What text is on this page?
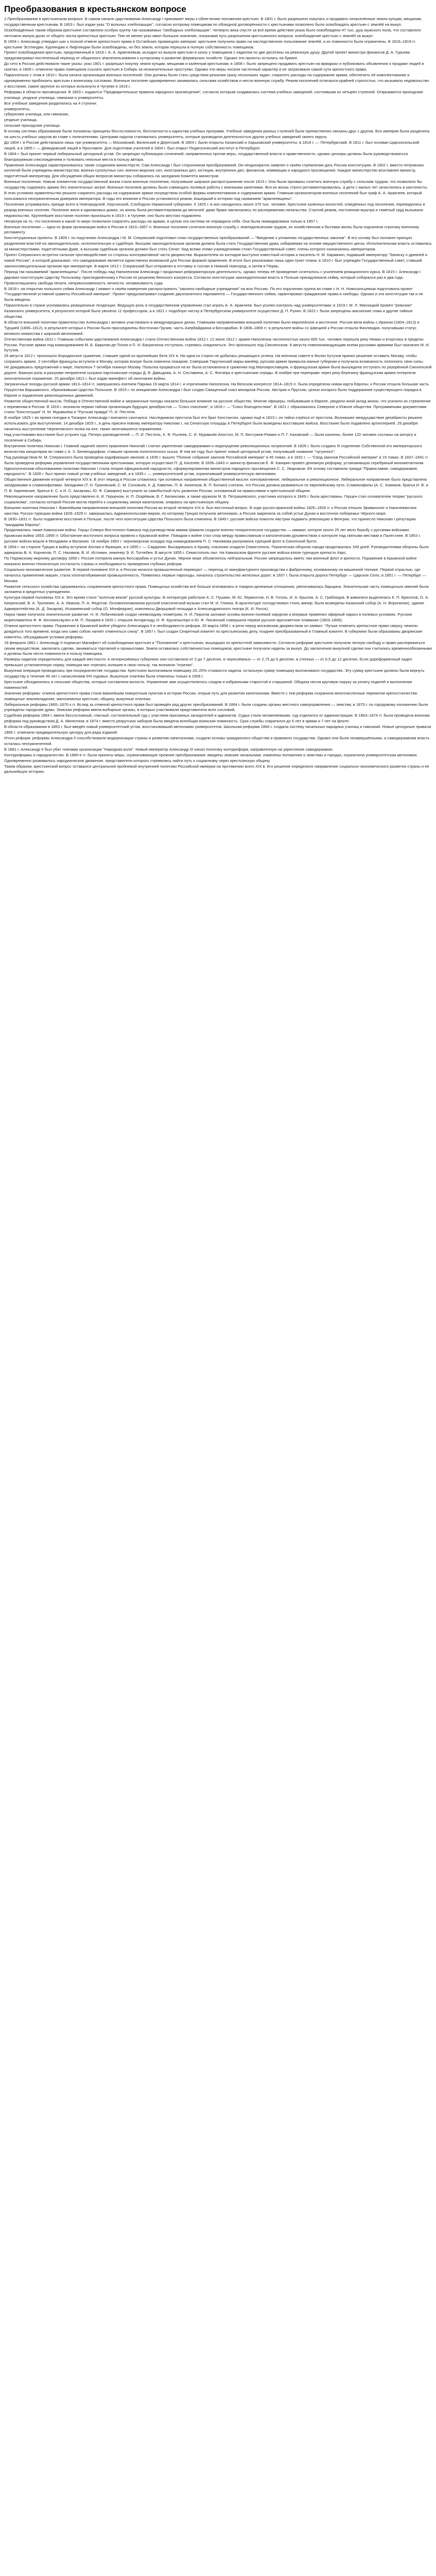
Преобразования в крестьянском вопросе

2.Преобразования в крестьянском вопросе. В самом начале царствования Александр I принимает меры к облегчению положения крестьян. В 1801 г. было разрешено покупать и продавать незаселённые земли купцам, мещанам, государственным крестьянам. В 1803 г. был издан указ "О вольных хлебопашцах", согласно которому помещикам по обоюдной договорённости с крестьянами позволено было освобождать крестьян с землёй на выкуп. Освобождённые таким образом крестьяне составляли особую группу так называемых "свободных хлебопашцев". Четверть века спустя за всё время действия указа было освобождено 47 тыс. душ мужского пола, что составляло ничтожно малую долю от общего числа крепостных крестьян. Тем не менее указ имел большое значение, показывая путь разрешения крестьянского вопроса: освобождение крестьян с землёй за выкуп.

В 1804 г. Александр утвердил шаг к полной отмене крепостного права в Остзейских провинциях империи: крестьяне получили право на наследственное пользование землёй, а их повинности были ограничены. В 1816–1819 гг. крестьяне Эстляндии, Курляндии и Лифляндии были освобождены, но без земли, которая перешла в полную собственность помещиков.

Проект освобождения крестьян, предложенный в 1818 г. А. А. Аракчеевым, исходил из выкупа крестьян в казну у помещиков с наделом по две десятины на ревизскую душу. Другой проект министра финансов Д. А. Гурьева предусматривал постепенный переход от общинного землепользования к хуторскому и развитие фермерских хозяйств. Однако эти проекты остались на бумаге.

До сего в России действовали такие указы: указ 1801 г. разрешал покупку земли купцам, мещанам и казённым крестьянам; в 1808 г. было запрещено продавать крестьян на ярмарках и публиковать объявления о продаже людей в газетах; в 1809 г. отменено право помещиков ссылать крестьян в Сибирь за незначительные проступки. Однако эти меры носили частичный характер и не затрагивали самой сути крепостного права.

Параллельно с этим в 1810 г. была начата организация военных поселений. Они должны были стать средством решения сразу нескольких задач: сократить расходы на содержание армии, обеспечить её комплектование и одновременно приблизить крестьян к воинскому сословию. Военные поселяне одновременно занимались сельским хозяйством и несли военную службу. Режим поселений отличался крайней строгостью, что вызывало недовольство и восстания, самое крупное из которых вспыхнуло в Чугуеве в 1819 г.

Реформы в области просвещения. В 1803 г. издаются "Предварительные правила народного просвещения", согласно которым создавалась система учебных заведений, состоявшая из четырёх ступеней. Открываются приходские училища, уездные училища, гимназии и университеты.

Все учебные заведения разделялись на 4 ступени:

университеты,

губернские училища, или гимназии,

уездные училища,

сельские приходские училища.

В основу системы образования были положены принципы бессословности, бесплатности и единства учебных программ. Учебные заведения разных ступеней были преемственно связаны друг с другом. Вся империя была разделена на шесть учебных округов во главе с попечителями. Центрами округов становились университеты, которые руководили деятельностью других учебных заведений своего округа.

До 1804 г. в России действовали лишь три университета — Московский, Виленский и Дерптский. В 1804 г. были открыты Казанский и Харьковский университеты, в 1819 г. — Петербургский. В 1811 г. был основан Царскосельский лицей, а в 1805 г. — Демидовский лицей в Ярославле. Для подготовки учителей в 1804 г. был открыт Педагогический институт в Петербурге.

В 1804 г. был принят первый либеральный цензурный устав. Он запрещал публикацию сочинений, направленных против веры, государственной власти и нравственности, однако цензоры должны были руководствоваться благоразумным снисхождением и толковать неясные места в пользу автора.

Правление Александра характеризовалось также созданием министерств. Сам Александр I был сторонником преобразований. Он неоднократно заявлял о своём стремлении дать России конституцию. В 1802 г. вместо петровских коллегий были учреждены министерства: военно-сухопутных сил, военно-морских сил, иностранных дел, юстиции, внутренних дел, финансов, коммерции и народного просвещения. Каждое министерство возглавлял министр, подотчётный императору. Для обсуждения общих вопросов министры собирались на заседания Комитета министров.

Военные поселения. Новым элементом государственной жизни стали военные поселения, получившие широкое распространение после 1815 г. Они были призваны сочетать военную службу с сельским трудом, что позволяло бы государству содержать армию без значительных затрат. Военные поселяне должны были совмещать полевые работы с военными занятиями. Вся их жизнь строго регламентировалась, а дети с малых лет зачислялись в кантонисты.

В этих условиях правительство решило сократить расходы на содержание армии посредством особой формы комплектования и содержания армии. Главным организатором военных поселений был граф А. А. Аракчеев, который пользовался неограниченным доверием императора. В годы его влияния в России установился режим, вошедший в историю под названием "аракчеевщины".

Поселения устраивались прежде всего в Новгородской, Херсонской, Слободско-Украинской губерниях. К 1825 г. в них находилось около 375 тыс. человек. Крестьяне казённых волостей, отведённых под поселения, переводились в разряд военных поселян. Поселяне жили в одинаковых домах, их жизнь была регламентирована до мелочей: даже браки заключались по распоряжению начальства. Строгий режим, постоянная муштра и тяжёлый труд вызывали недовольство. Крупнейшее восстание поселян произошло в 1819 г. в Чугуеве; оно было жестоко подавлено.

Несмотря на то, что поселения в какой-то мере позволили сократить расходы на армию, в целом эта система не оправдала себя. Она была ликвидирована только в 1857 г.

Военные поселения — одна из форм организации войск в России в 1810–1857 гг. Военные поселяне сочетали военную службу с земледельческим трудом, их хозяйственная и бытовая жизнь была подчинена строгому военному регламенту.

Конституционные проекты. В 1809 г. по поручению Александра I М. М. Сперанский подготовил план государственных преобразований — "Введение к уложению государственных законов". В его основу был положен принцип разделения властей на законодательную, исполнительную и судебную. Высшим законодательным органом должна была стать Государственная дума, избираемая на основе имущественного ценза. Исполнительная власть оставалась за министерствами, подотчётными Думе, а высшим судебным органом должен был стать Сенат. Над всеми этими учреждениями стоял Государственный совет, члены которого назначались императором.

Проект Сперанского встретил сильное противодействие со стороны консервативной части дворянства. Выразителем их взглядов выступил известный историк и писатель Н. М. Карамзин, подавший императору "Записку о древней и новой России", в которой доказывал, что самодержавие является единственно возможной для России формой правления. В итоге был реализован лишь один пункт плана: в 1810 г. был учреждён Государственный совет, ставший законосовещательным органом при императоре. В марте 1812 г. Сперанский был отправлен в отставку и сослан в Нижний Новгород, а затем в Пермь.

Период так называемой "аракчеевщины". После победы над Наполеоном Александр I продолжил реформаторскую деятельность, однако теперь её проведение сочеталось с усилением реакционного курса. В 1815 г. Александр I даровал конституцию Царству Польскому, присоединённому к России по решению Венского конгресса. Согласно конституции законодательная власть в Польше принадлежала сейму, который собирался раз в два года. Провозглашались свобода печати, неприкосновенность личности, независимость суда.

В 1818 г. на открытии польского сейма Александр I заявил о своём намерении распространить "законно-свободные учреждения" на всю Россию. По его поручению группа во главе с Н. Н. Новосильцевым подготовила проект "Государственной уставной грамоты Российской империи". Проект предусматривал создание двухпалатного парламента — Государственного сейма, гарантировал гражданские права и свободы. Однако и эта конституция так и не была введена.

Параллельно в стране усиливались реакционные тенденции. Ведущую роль в государственном управлении стал играть А. А. Аракчеев. Был усилен контроль над университетами: в 1819 г. М. Л. Магницкий провёл "ревизию" Казанского университета, в результате которой было уволено 11 профессоров, а в 1821 г. подобную чистку в Петербургском университете осуществил Д. П. Рунич. В 1822 г. были запрещены масонские ложи и другие тайные общества.

В области внешней политики правительство Александра I активно участвовало в международных делах. Главными направлениями внешней политики были европейское и восточное. Россия вела войны с Ираном (1804–1813) и Турцией (1806–1812), в результате которых к России были присоединены Восточная Грузия, часть Азербайджана и Бессарабия. В 1808–1809 гг. в результате войны со Швецией к России отошла Финляндия, получившая статус великого княжества с широкой автономией.

Отечественная война 1812 г. Главным событием царствования Александра I стала Отечественная война 1812 г. 12 июня 1812 г. армия Наполеона численностью около 600 тыс. человек перешла реку Неман и вторглась в пределы России. Русские армии под командованием М. Б. Барклая-де-Толли и П. И. Багратиона отступали, стремясь соединиться. Это произошло под Смоленском. 8 августа главнокомандующим всеми русскими армиями был назначен М. И. Кутузов.

26 августа 1812 г. произошло Бородинское сражение, ставшее одной из крупнейших битв XIX в. Ни одна из сторон не добилась решающего успеха. На военном совете в Филях Кутузов принял решение оставить Москву, чтобы сохранить армию. 2 сентября французы вступили в Москву, которая вскоре была охвачена пожаром. Совершив Тарутинский марш-манёвр, русская армия прикрыла южные губернии и получила возможность пополнить свои силы.

Не дождавшись предложений о мире, Наполеон 7 октября покинул Москву. Попытка прорваться на юг была остановлена в сражении под Малоярославцем, и французская армия была вынуждена отступать по разорённой Смоленской дороге. Важную роль в разгроме неприятеля сыграли партизанские отряды Д. В. Давыдова, А. Н. Сеславина, А. С. Фигнера и крестьянские отряды. В ноябре при переправе через реку Березину французская армия потерпела окончательное поражение. 25 декабря 1812 г. был издан манифест об окончании войны.

Заграничные походы русской армии 1813–1814 гг. завершились взятием Парижа 19 марта 1814 г. и отречением Наполеона. На Венском конгрессе 1814–1815 гг. была определена новая карта Европы; к России отошла большая часть Герцогства Варшавского, образовавшая Царство Польское. В 1815 г. по инициативе Александра I был создан Священный союз монархов России, Австрии и Пруссии, целью которого было поддержание существующего порядка в Европе и подавление революционных движений.

Развитие общественной мысли. Победа в Отечественной войне и заграничные походы оказали большое влияние на русское общество. Многие офицеры, побывавшие в Европе, увидели иной уклад жизни, что усилило их стремление к переменам в России. В 1816 г. возникла первая тайная организация будущих декабристов — "Союз спасения", в 1818 г. — "Союз благоденствия". В 1821 г. образовались Северное и Южное общества. Программными документами стали "Конституция" Н. М. Муравьёва и "Русская правда" П. И. Пестеля.

В ноябре 1825 г. во время поездки в Таганрог Александр I внезапно скончался. Наследником престола был его брат Константин, однако ещё в 1823 г. он тайно отрёкся от престола. Возникшее междуцарствие декабристы решили использовать для выступления. 14 декабря 1825 г., в день присяги новому императору Николаю I, на Сенатскую площадь в Петербурге были выведены восставшие войска. Восстание было подавлено артиллерией. 29 декабря началось выступление Черниговского полка на юге, также окончившееся поражением.

Над участниками восстания был устроен суд. Пятеро руководителей — П. И. Пестель, К. Ф. Рылеев, С. И. Муравьёв-Апостол, М. П. Бестужев-Рюмин и П. Г. Каховский — были казнены, более 120 человек сосланы на каторгу и поселение в Сибирь.

Внутренняя политика Николая I. Главной задачей своего правления Николай I считал укрепление самодержавия и недопущение революционных потрясений. В 1826 г. было создано III отделение Собственной его императорского величества канцелярии во главе с А. Х. Бенкендорфом, ставшее органом политического сыска. В том же году был принят новый цензурный устав, получивший название "чугунного".

Под руководством М. М. Сперанского была проведена кодификация законов: в 1830 г. вышло "Полное собрание законов Российской империи" в 45 томах, а в 1832 г. — "Свод законов Российской империи" в 15 томах. В 1837–1841 гг. была проведена реформа управления государственными крестьянами, которую осуществил П. Д. Киселёв. В 1839–1843 гг. министр финансов Е. Ф. Канкрин провёл денежную реформу, установившую серебряный монометаллизм.

Идеологическим обоснованием политики Николая I стала теория официальной народности, сформулированная министром народного просвещения С. С. Уваровым. Её основу составляла триада "Православие, самодержавие, народность". В 1828 г. был принят новый устав учебных заведений, а в 1835 г. — университетский устав, ограничивший университетскую автономию.

Общественное движение второй четверти XIX в. В этот период в России сложились три основных направления общественной мысли: консервативное, либеральное и революционное. Либеральное направление было представлено западниками и славянофилами. Западники (Т. Н. Грановский, С. М. Соловьёв, К. Д. Кавелин, П. В. Анненков, В. П. Боткин) считали, что Россия должна развиваться по европейскому пути. Славянофилы (А. С. Хомяков, братья И. В. и П. В. Киреевские, братья К. С. и И. С. Аксаковы, Ю. Ф. Самарин) выступали за самобытный путь развития России, основанный на православии и крестьянской общине.

Революционное направление было представлено А. И. Герценом, Н. П. Огарёвым, В. Г. Белинским, а также кружком М. В. Петрашевского, участники которого в 1849 г. были арестованы. Герцен стал основателем теории "русского социализма", согласно которой Россия могла перейти к социализму, минуя капитализм, опираясь на крестьянскую общину.

Внешняя политика Николая I. Важнейшим направлением внешней политики России во второй четверти XIX в. был восточный вопрос. В ходе русско-иранской войны 1826–1828 гг. к России отошли Эриванское и Нахичеванское ханства. Русско-турецкая война 1828–1829 гг. завершилась Адрианопольским миром, по которому Греция получила автономию, а Россия закрепила за собой устье Дуная и восточное побережье Чёрного моря.

В 1830–1831 гг. было подавлено восстание в Польше, после чего конституция Царства Польского была отменена. В 1849 г. русские войска помогли Австрии подавить революцию в Венгрии, что принесло Николаю I репутацию "жандарма Европы".

Продолжалась также Кавказская война. Горцы Северо-Восточного Кавказа под руководством имама Шамиля создали военно-теократическое государство — имамат, которое около 25 лет вело борьбу с русскими войсками.

Крымская война 1853–1856 гг. Обострение восточного вопроса привело к Крымской войне. Поводом к войне стал спор между православным и католическим духовенством о контроле над святыми местами в Палестине. В 1853 г. русские войска вошли в Молдавию и Валахию. 18 ноября 1853 г. черноморская эскадра под командованием П. С. Нахимова разгромила турецкий флот в Синопской бухте.

В 1854 г. на стороне Турции в войну вступили Англия и Франция, а в 1855 г. — Сардиния. Высадившись в Крыму, союзники осадили Севастополь. Героическая оборона города продолжалась 349 дней. Руководителями обороны были адмиралы В. А. Корнилов, П. С. Нахимов, В. И. Истомин, инженер Э. И. Тотлебен. В августе 1855 г. Севастополь пал. На Кавказском фронте русские войска взяли турецкую крепость Карс.

По Парижскому мирному договору 1856 г. Россия потеряла южную Бессарабию и устье Дуная, Чёрное море объявлялось нейтральным: России запрещалось иметь там военный флот и крепости. Поражение в Крымской войне показало военно-техническую отсталость страны и необходимость проведения глубоких реформ.

Социально-экономическое развитие. В первой половине XIX в. в России начался промышленный переворот — переход от мануфактурного производства к фабричному, основанному на машинной технике. Первой отраслью, где началось применение машин, стала хлопчатобумажная промышленность. Появились первые пароходы, началось строительство железных дорог: в 1837 г. была открыта дорога Петербург — Царское Село, в 1851 г. — Петербург — Москва.

Развитие сельского хозяйства сдерживалось сохранением крепостного права. Помещичьи хозяйства всё больше втягивались в товарно-денежные отношения, увеличивалась барщина. Значительная часть помещичьих имений была заложена в кредитных учреждениях.

Культура первой половины XIX в. Это время стало "золотым веком" русской культуры. В литературе работали А. С. Пушкин, М. Ю. Лермонтов, Н. В. Гоголь, И. А. Крылов, А. С. Грибоедов. В живописи выделялись К. П. Брюллов, О. А. Кипренский, В. А. Тропинин, А. А. Иванов, П. А. Федотов. Основоположником русской классической музыки стал М. И. Глинка. В архитектуре господствовал стиль ампир; были возведены Казанский собор (А. Н. Воронихин), здание Адмиралтейства (А. Д. Захаров), Исаакиевский собор (О. Монферран), комплексы Дворцовой площади и Александринского театра (К. И. Росси).

Наука также получила значительное развитие. Н. И. Лобачевский создал неевклидову геометрию, Н. И. Пирогов заложил основы военно-полевой хирургии и впервые применил эфирный наркоз в полевых условиях. Русские мореплаватели Ф. Ф. Беллинсгаузен и М. П. Лазарев в 1820 г. открыли Антарктиду, И. Ф. Крузенштерн и Ю. Ф. Лисянский совершили первое русское кругосветное плавание (1803–1806).

Отмена крепостного права. Поражение в Крымской войне убедило Александра II в необходимости реформ. 30 марта 1856 г. в речи перед московским дворянством он заявил: "Лучше отменить крепостное право сверху, нежели дождаться того времени, когда оно само собою начнёт отменяться снизу". В 1857 г. был создан Секретный комитет по крестьянскому делу, позднее преобразованный в Главный комитет. В губерниях были образованы дворянские комитеты, обсуждавшие условия реформы.

19 февраля 1861 г. Александр II подписал Манифест об освобождении крестьян и "Положения" о крестьянах, вышедших из крепостной зависимости. Согласно реформе крестьяне получали личную свободу и право распоряжаться своим имуществом, заключать сделки, заниматься торговлей и промыслами. Земля оставалась собственностью помещиков; крестьяне получали наделы за выкуп. До заключения выкупной сделки они считались временнообязанными и должны были нести повинности в пользу помещика.

Размеры наделов определялись для каждой местности: в нечернозёмных губерниях они составляли от 3 до 7 десятин, в чернозёмных — от 2,75 до 6 десятин, в степных — от 6,5 до 12 десятин. Если дореформенный надел превышал установленную норму, помещик мог отрезать излишек в свою пользу; так возникли "отрезки".

Выкупная операция проводилась при посредничестве государства. Крестьяне выплачивали помещику 20–25% стоимости надела, остальную сумму помещику выплачивало государство. Эту сумму крестьяне должны были вернуть государству в течение 49 лет с начислением 6% годовых. Выкупные платежи были отменены только в 1906 г.

Крестьяне объединялись в сельские общества, которые составляли волости. Управление ими осуществлялось сходом и избранными старостой и старшиной. Община несла круговую поруку за уплату податей и выполнение повинностей.

Значение реформы: отмена крепостного права стала важнейшим поворотным пунктом в истории России, открыв путь для развития капитализма. Вместе с тем реформа сохранила многочисленные пережитки крепостничества: помещичье землевладение, малоземелье крестьян, общину, выкупные платежи.

Либеральные реформы 1860–1870-х гг. Вслед за отменой крепостного права был проведён ряд других преобразований. В 1864 г. были созданы органы местного самоуправления — земства; в 1870 г. по городовому положению были учреждены городские думы. Земская реформа ввела выборные органы, в которых участвовали представители всех сословий.

Судебная реформа 1864 г. ввела бессословный, гласный, состязательный суд с участием присяжных заседателей и адвокатов. Судьи стали несменяемыми, суд отделялся от администрации. В 1863–1874 гг. была проведена военная реформа под руководством Д. А. Милютина; в 1874 г. вместо рекрутских наборов была введена всеобщая воинская повинность. Срок службы сократился до 6 лет в армии и 7 лет на флоте.

В области образования в 1863 г. был введён новый университетский устав, восстановивший автономию университетов. Школьная реформа 1864 г. создала систему начальных народных училищ и гимназий. Новые цензурные правила 1865 г. отменили предварительную цензуру для ряда изданий.

Итоги реформ: реформы Александра II способствовали модернизации страны и развитию капитализма, создали основы гражданского общества и правового государства. Однако они были незавершёнными, а самодержавная власть осталась неограниченной.

В 1881 г. Александр II был убит членами организации "Народная воля". Новый император Александр III начал политику контрреформ, направленную на укрепление самодержавия.

Контрреформы и народничество. В 1880-е гг. были приняты меры, ограничивающие прежние преобразования: введены земские начальники, изменены положения о земствах и городах, ограничена университетская автономия. Одновременно развивалось народническое движение, представители которого стремились найти путь к социализму через крестьянскую общину.

Таким образом, крестьянский вопрос оставался центральной проблемой внутренней политики Российской империи на протяжении всего XIX в. Его решение определило направление социально-экономического развития страны и её дальнейшую историю.
